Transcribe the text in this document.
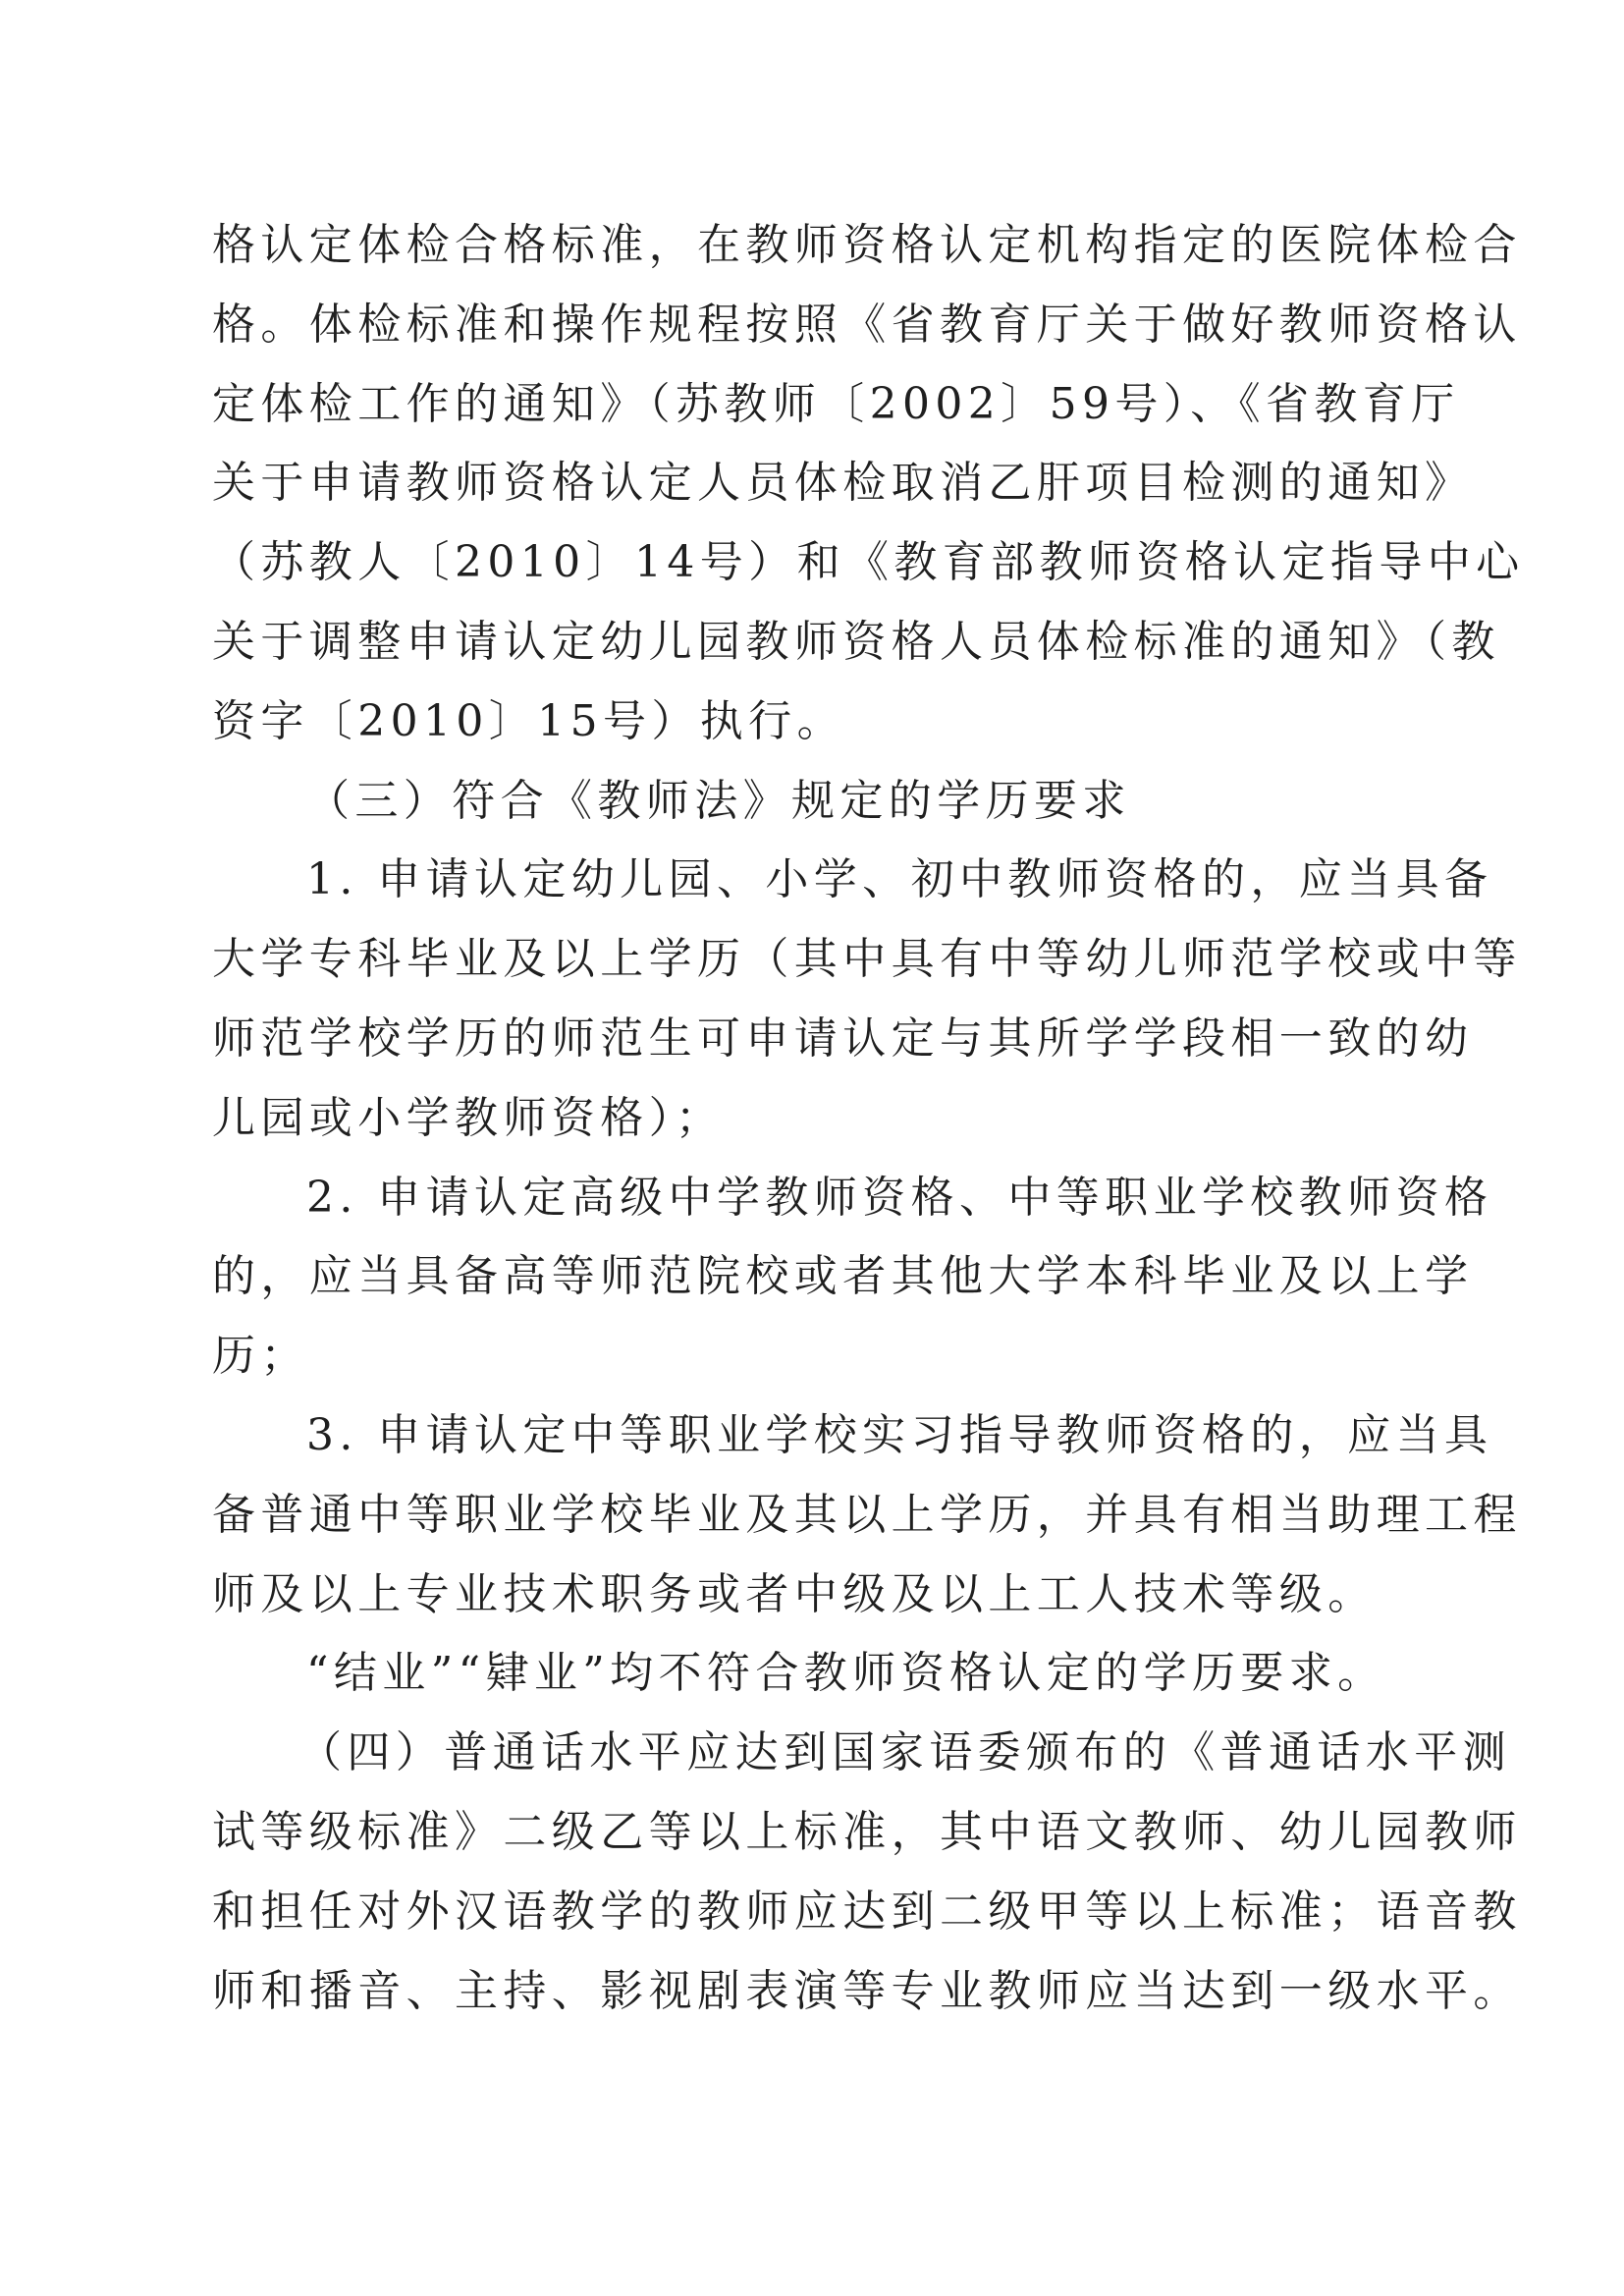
格认定体检合格标准，在教师资格认定机构指定的医院体检合
格。体检标准和操作规程按照《省教育厅关于做好教师资格认
定体检工作的通知》（苏教师〔2002〕59号）、《省教育厅
关于申请教师资格认定人员体检取消乙肝项目检测的通知》
（苏教人〔2010〕14号）和《教育部教师资格认定指导中心
关于调整申请认定幼儿园教师资格人员体检标准的通知》（教
资字〔2010〕15号）执行。
（三）符合《教师法》规定的学历要求
1. 申请认定幼儿园、小学、初中教师资格的，应当具备
大学专科毕业及以上学历（其中具有中等幼儿师范学校或中等
师范学校学历的师范生可申请认定与其所学学段相一致的幼
儿园或小学教师资格）；
2. 申请认定高级中学教师资格、中等职业学校教师资格
的，应当具备高等师范院校或者其他大学本科毕业及以上学
历；
3. 申请认定中等职业学校实习指导教师资格的，应当具
备普通中等职业学校毕业及其以上学历，并具有相当助理工程
师及以上专业技术职务或者中级及以上工人技术等级。
“结业”“肄业”均不符合教师资格认定的学历要求。
（四）普通话水平应达到国家语委颁布的《普通话水平测
试等级标准》二级乙等以上标准，其中语文教师、幼儿园教师
和担任对外汉语教学的教师应达到二级甲等以上标准；语音教
师和播音、主持、影视剧表演等专业教师应当达到一级水平。
